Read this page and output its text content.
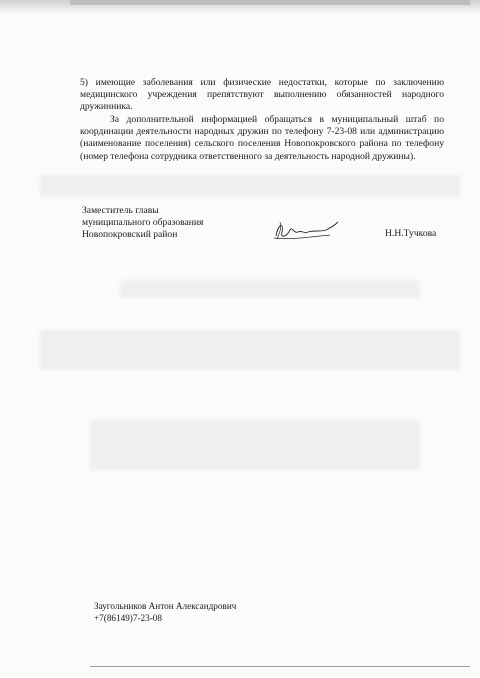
5) имеющие заболевания или физические недостатки, которые по заключению медицинского учреждения препятствуют выполнению обязанностей народного дружинника.
За дополнительной информацией обращаться в муниципальный штаб по координации деятельности народных дружин по телефону 7-23-08 или администрацию (наименование поселения) сельского поселения Новопокровского района по телефону (номер телефона сотрудника ответственного за деятельность народной дружины).
Заместитель главы
муниципального образования
Новопокровский район	Н.Н.Тучкова
Заугольников Антон Александрович
+7(86149)7-23-08
